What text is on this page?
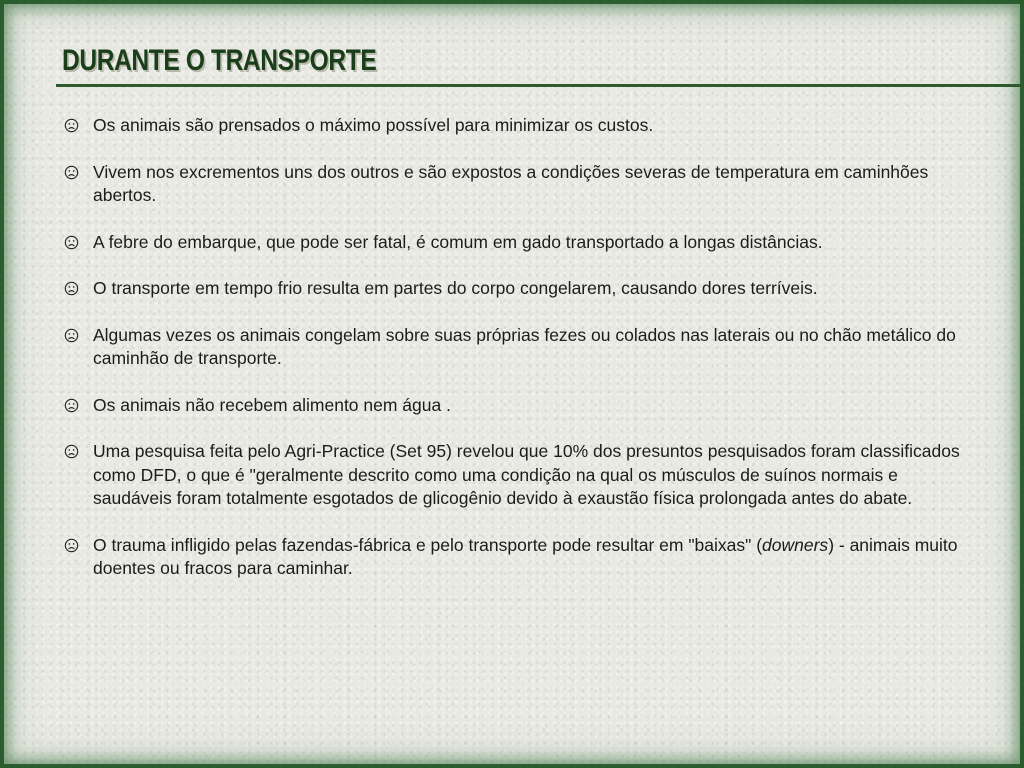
DURANTE O TRANSPORTE
Os animais são prensados o máximo possível para minimizar os custos.
Vivem nos excrementos uns dos outros e são expostos a condições severas de temperatura em caminhões abertos.
A febre do embarque, que pode ser fatal, é comum em gado transportado a longas distâncias.
O transporte em tempo frio resulta em partes do corpo congelarem, causando dores terríveis.
Algumas vezes os animais congelam sobre suas próprias fezes ou colados nas laterais ou no chão metálico do caminhão de transporte.
Os animais não recebem alimento nem água .
Uma pesquisa feita pelo Agri-Practice (Set 95) revelou que 10% dos presuntos pesquisados foram classificados como DFD, o que é "geralmente descrito como uma condição na qual os músculos de suínos normais e saudáveis foram totalmente esgotados de glicogênio devido à exaustão física prolongada antes do abate.
O trauma infligido pelas fazendas-fábrica e pelo transporte pode resultar em "baixas" (downers) - animais muito doentes ou fracos para caminhar.
